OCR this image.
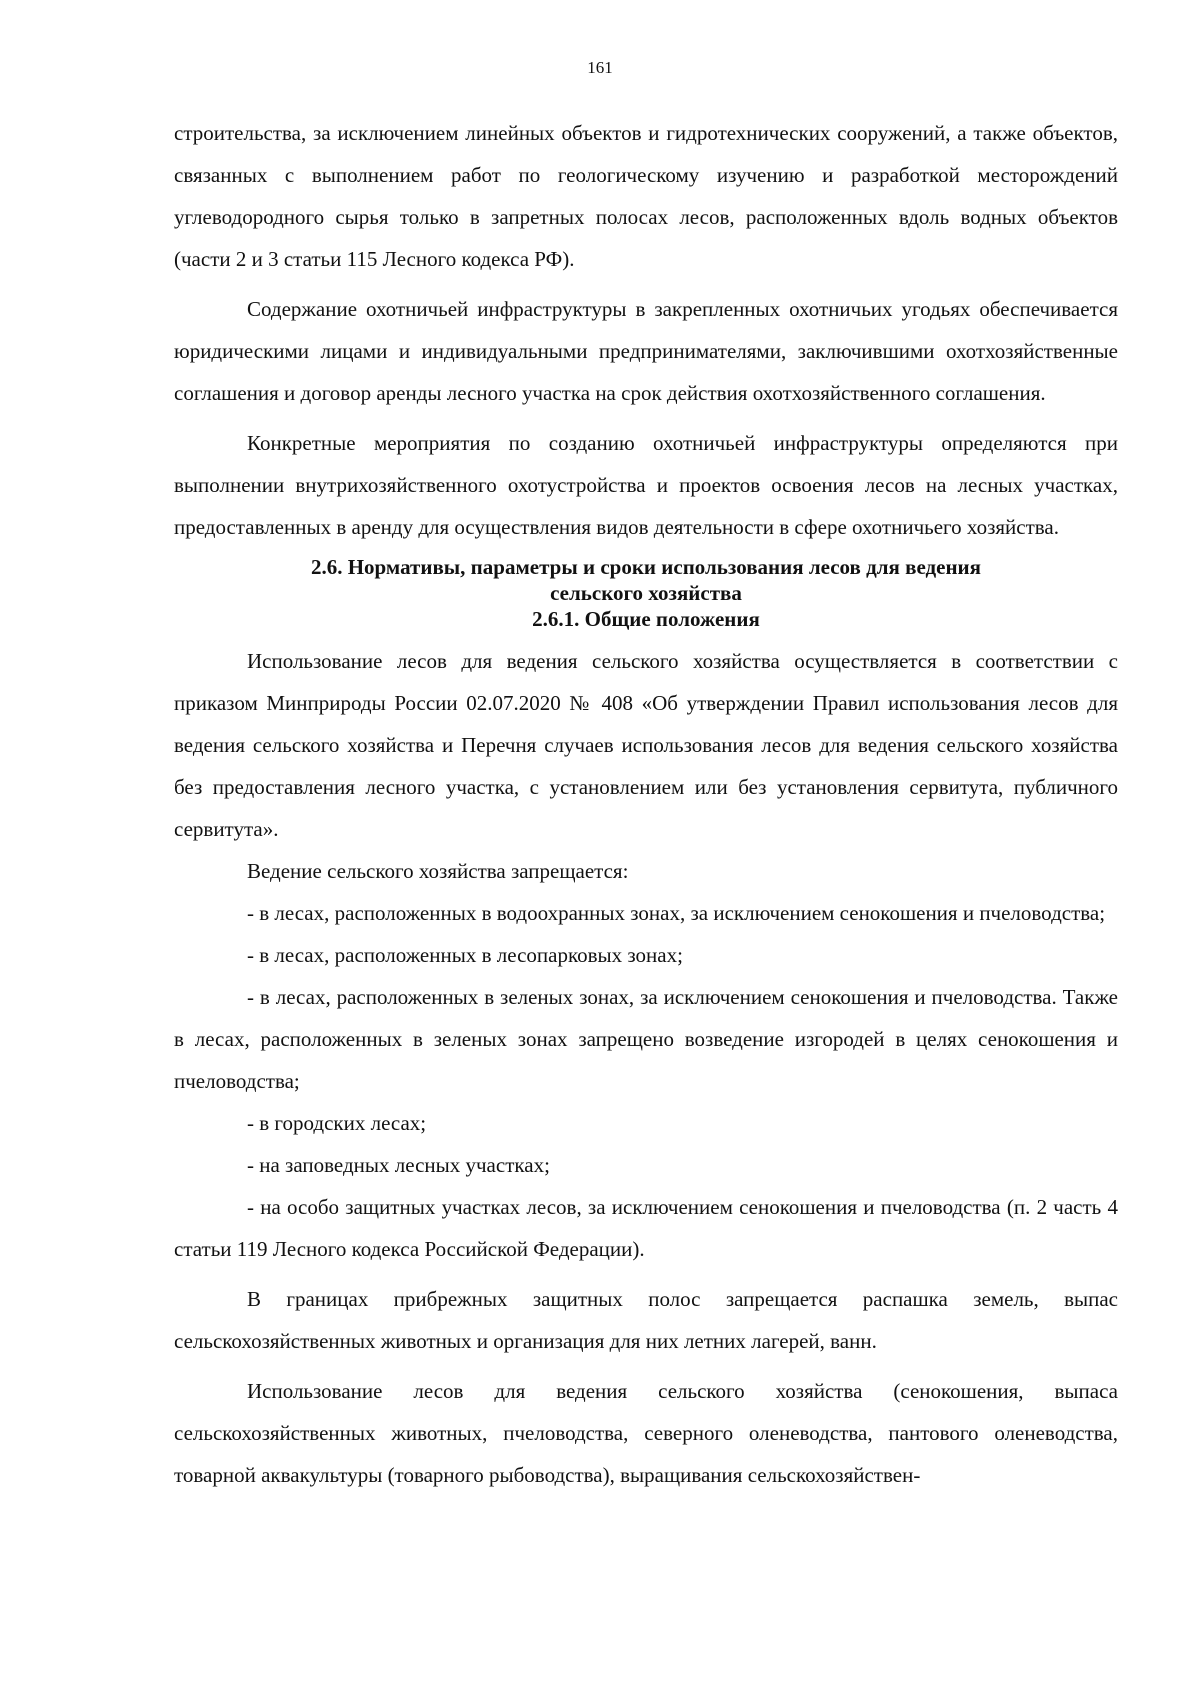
161

строительства, за исключением линейных объектов и гидротехнических сооружений, а также объектов, связанных с выполнением работ по геологическому изучению и разработкой месторождений углеводородного сырья только в запретных полосах лесов, расположенных вдоль водных объектов (части 2 и 3 статьи 115 Лесного кодекса РФ).

Содержание охотничьей инфраструктуры в закрепленных охотничьих угодьях обеспечивается юридическими лицами и индивидуальными предпринимателями, заключившими охотхозяйственные соглашения и договор аренды лесного участка на срок действия охотхозяйственного соглашения.

Конкретные мероприятия по созданию охотничьей инфраструктуры определяются при выполнении внутрихозяйственного охотустройства и проектов освоения лесов на лесных участках, предоставленных в аренду для осуществления видов деятельности в сфере охотничьего хозяйства.

2.6. Нормативы, параметры и сроки использования лесов для ведения
сельского хозяйства
2.6.1. Общие положения

Использование лесов для ведения сельского хозяйства осуществляется в соответствии с приказом Минприроды России 02.07.2020 № 408 «Об утверждении Правил использования лесов для ведения сельского хозяйства и Перечня случаев использования лесов для ведения сельского хозяйства без предоставления лесного участка, с установлением или без установления сервитута, публичного сервитута».

Ведение сельского хозяйства запрещается:

- в лесах, расположенных в водоохранных зонах, за исключением сенокошения и пчеловодства;

- в лесах, расположенных в лесопарковых зонах;

- в лесах, расположенных в зеленых зонах, за исключением сенокошения и пчеловодства. Также в лесах, расположенных в зеленых зонах запрещено возведение изгородей в целях сенокошения и пчеловодства;

- в городских лесах;

- на заповедных лесных участках;

- на особо защитных участках лесов, за исключением сенокошения и пчеловодства (п. 2 часть 4 статьи 119 Лесного кодекса Российской Федерации).

В границах прибрежных защитных полос запрещается распашка земель, выпас сельскохозяйственных животных и организация для них летних лагерей, ванн.

Использование лесов для ведения сельского хозяйства (сенокошения, выпаса сельскохозяйственных животных, пчеловодства, северного оленеводства, пантового оленеводства, товарной аквакультуры (товарного рыбоводства), выращивания сельскохозяйствен-
